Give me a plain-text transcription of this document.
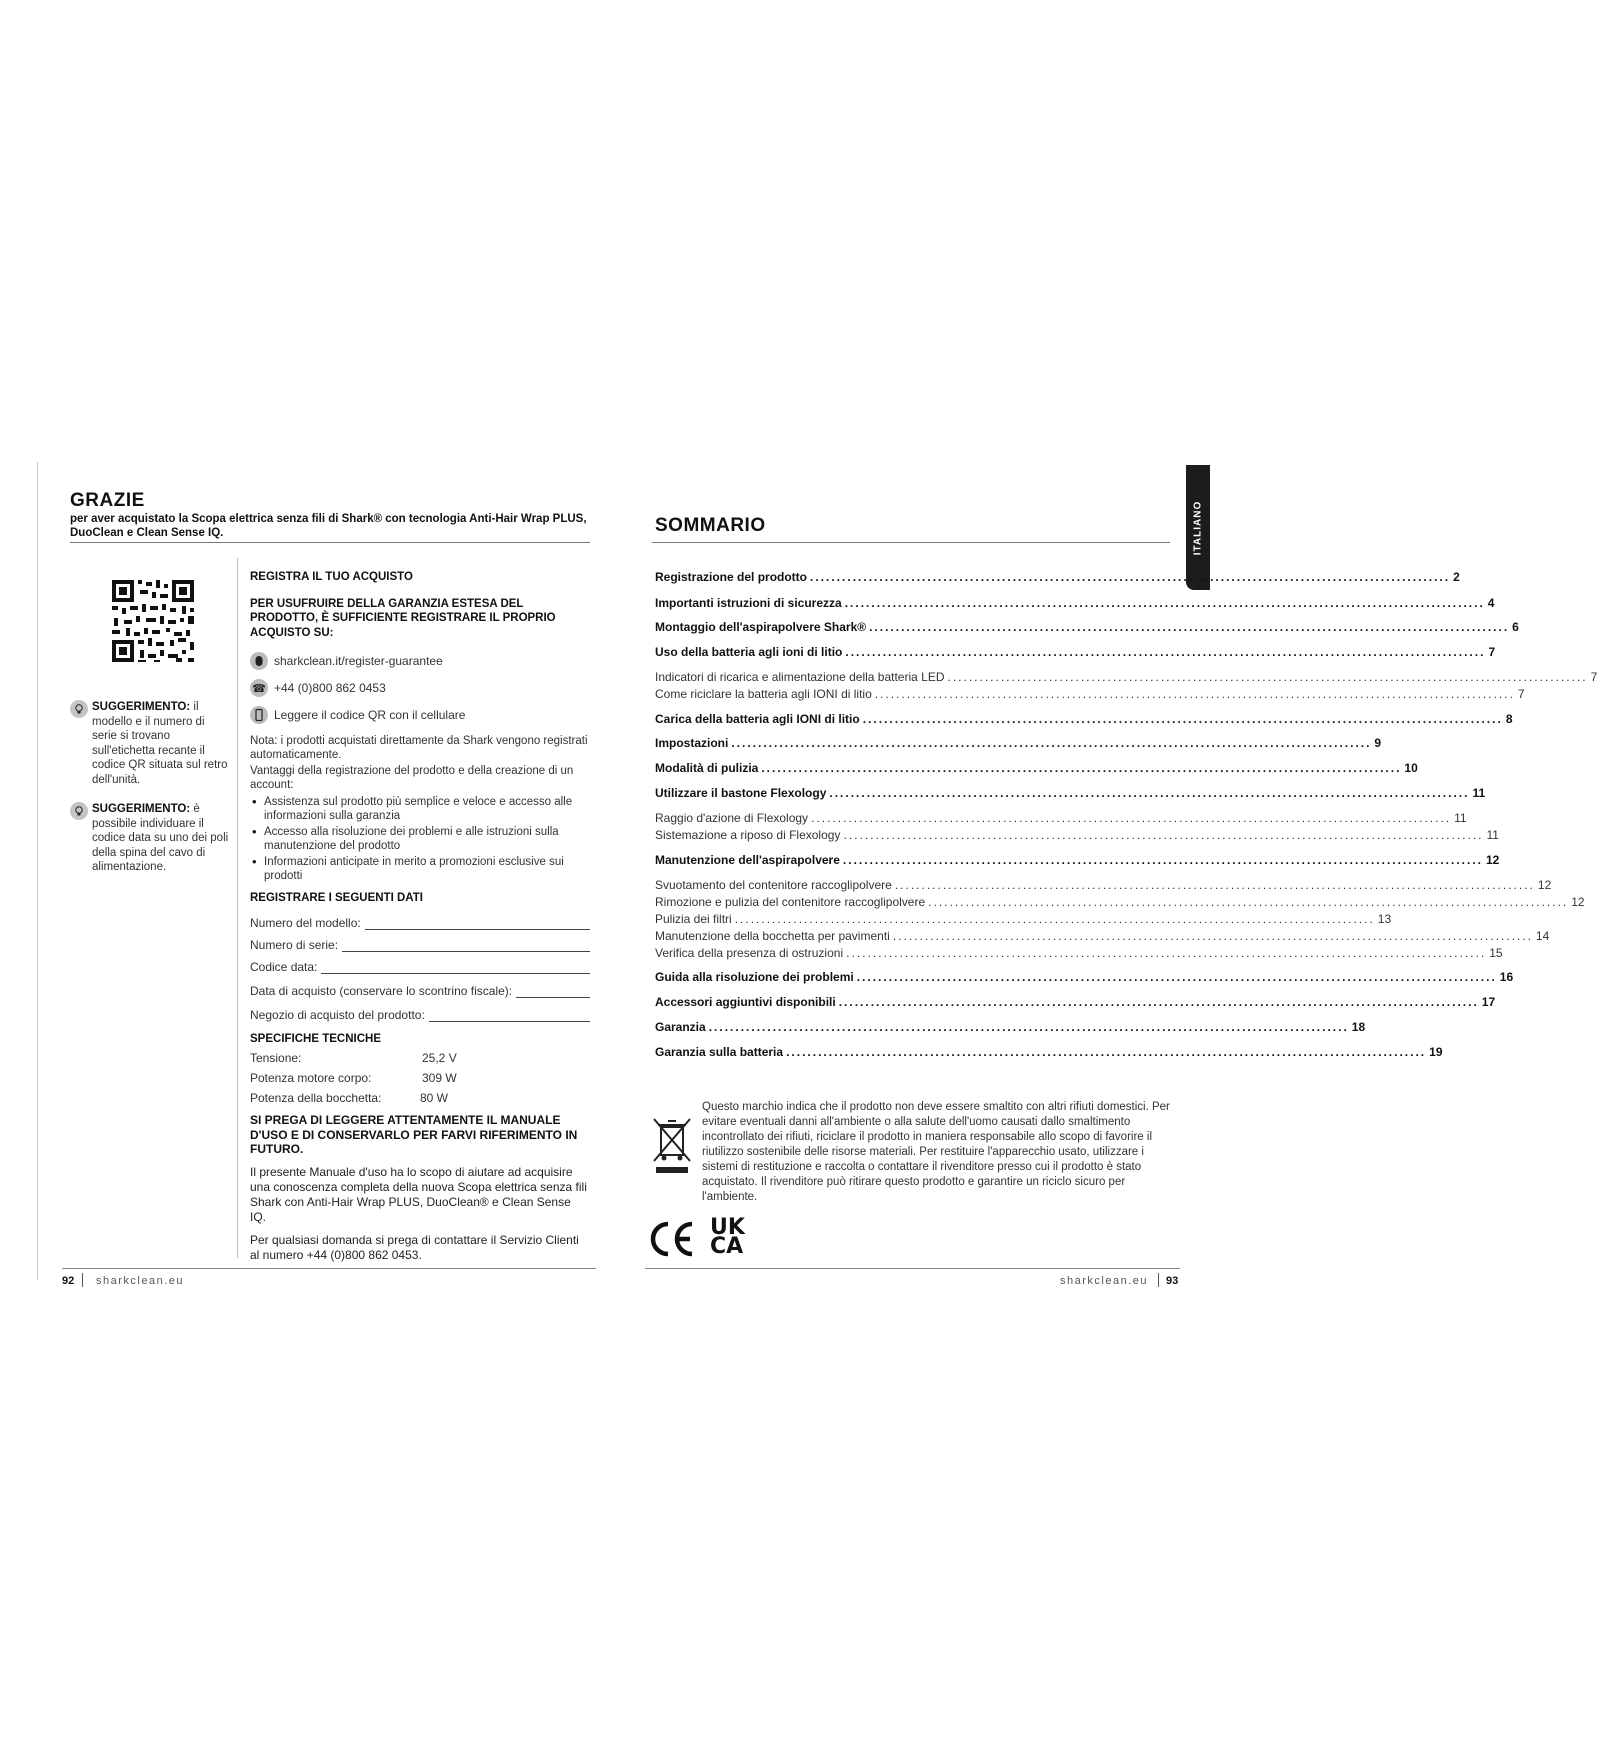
GRAZIE
per aver acquistato la Scopa elettrica senza fili di Shark® con tecnologia Anti-Hair Wrap PLUS, DuoClean e Clean Sense IQ.
SUGGERIMENTO: il modello e il numero di serie si trovano sull'etichetta recante il codice QR situata sul retro dell'unità.
SUGGERIMENTO: è possibile individuare il codice data su uno dei poli della spina del cavo di alimentazione.
REGISTRA IL TUO ACQUISTO
PER USUFRUIRE DELLA GARANZIA ESTESA DEL PRODOTTO, È SUFFICIENTE REGISTRARE IL PROPRIO ACQUISTO SU:
sharkclean.it/register-guarantee
☎ +44 (0)800 862 0453
Leggere il codice QR con il cellulare
Nota: i prodotti acquistati direttamente da Shark vengono registrati automaticamente.
Vantaggi della registrazione del prodotto e della creazione di un account:
• Assistenza sul prodotto più semplice e veloce e accesso alle informazioni sulla garanzia
• Accesso alla risoluzione dei problemi e alle istruzioni sulla manutenzione del prodotto
• Informazioni anticipate in merito a promozioni esclusive sui prodotti
REGISTRARE I SEGUENTI DATI
Numero del modello:
Numero di serie:
Codice data:
Data di acquisto (conservare lo scontrino fiscale):
Negozio di acquisto del prodotto:
SPECIFICHE TECNICHE
Tensione:	25,2 V
Potenza motore corpo:	309 W
Potenza della bocchetta:	80 W
SI PREGA DI LEGGERE ATTENTAMENTE IL MANUALE D'USO E DI CONSERVARLO PER FARVI RIFERIMENTO IN FUTURO.
Il presente Manuale d'uso ha lo scopo di aiutare ad acquisire una conoscenza completa della nuova Scopa elettrica senza fili Shark con Anti-Hair Wrap PLUS, DuoClean® e Clean Sense IQ.
Per qualsiasi domanda si prega di contattare il Servizio Clienti al numero +44 (0)800 862 0453.
92 sharkclean.eu
ITALIANO
SOMMARIO
Registrazione del prodotto ........................................................................................................................ 2
Importanti istruzioni di sicurezza ........................................................................................................................ 4
Montaggio dell'aspirapolvere Shark® ........................................................................................................................ 6
Uso della batteria agli ioni di litio ........................................................................................................................ 7
Indicatori di ricarica e alimentazione della batteria LED ........................................................................................................................ 7
Come riciclare la batteria agli IONI di litio ........................................................................................................................ 7
Carica della batteria agli IONI di litio ........................................................................................................................ 8
Impostazioni ........................................................................................................................ 9
Modalità di pulizia ........................................................................................................................ 10
Utilizzare il bastone Flexology ........................................................................................................................ 11
Raggio d'azione di Flexology ........................................................................................................................ 11
Sistemazione a riposo di Flexology ........................................................................................................................ 11
Manutenzione dell'aspirapolvere ........................................................................................................................ 12
Svuotamento del contenitore raccoglipolvere ........................................................................................................................ 12
Rimozione e pulizia del contenitore raccoglipolvere ........................................................................................................................ 12
Pulizia dei filtri ........................................................................................................................ 13
Manutenzione della bocchetta per pavimenti ........................................................................................................................ 14
Verifica della presenza di ostruzioni ........................................................................................................................ 15
Guida alla risoluzione dei problemi ........................................................................................................................ 16
Accessori aggiuntivi disponibili ........................................................................................................................ 17
Garanzia ........................................................................................................................ 18
Garanzia sulla batteria ........................................................................................................................ 19
Questo marchio indica che il prodotto non deve essere smaltito con altri rifiuti domestici. Per evitare eventuali danni all'ambiente o alla salute dell'uomo causati dallo smaltimento incontrollato dei rifiuti, riciclare il prodotto in maniera responsabile allo scopo di favorire il riutilizzo sostenibile delle risorse materiali. Per restituire l'apparecchio usato, utilizzare i sistemi di restituzione e raccolta o contattare il rivenditore presso cui il prodotto è stato acquistato. Il rivenditore può ritirare questo prodotto e garantire un riciclo sicuro per l'ambiente.
UK
CA
sharkclean.eu 93
